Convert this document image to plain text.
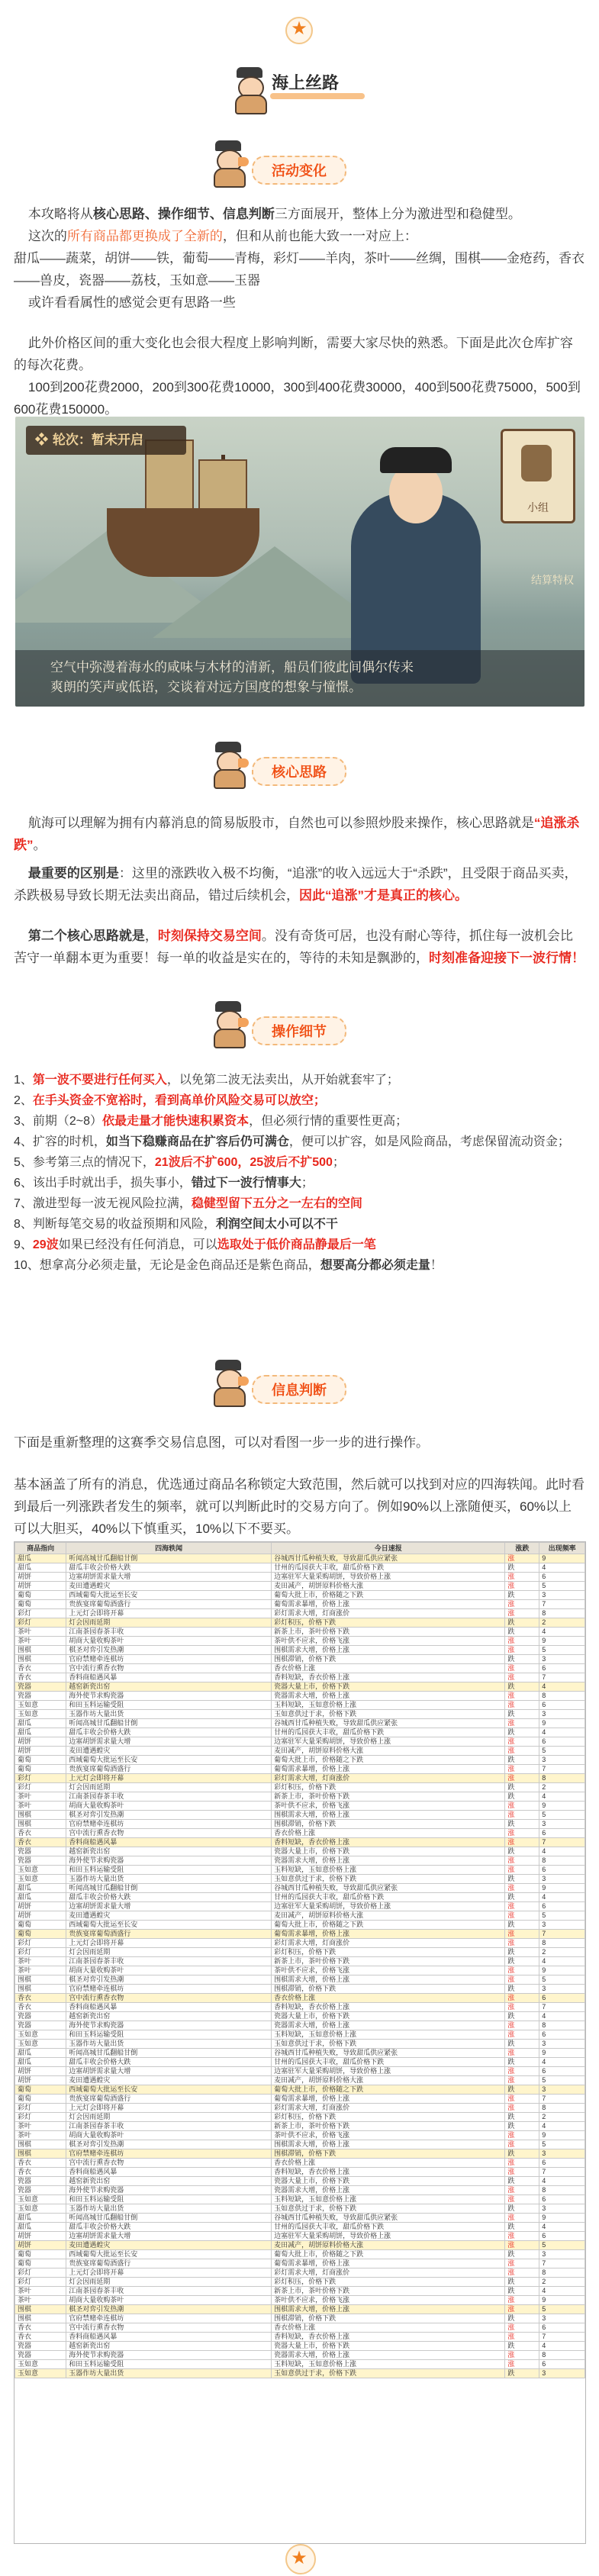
★
海上丝路
活动变化

本攻略将从核心思路、操作细节、信息判断三方面展开，整体上分为激进型和稳健型。

这次的所有商品都更换成了全新的，但和从前也能大致一一对应上：

甜瓜——蔬菜，胡饼——铁，葡萄——青梅，彩灯——羊肉，茶叶——丝绸，围棋——金疮药，香衣——兽皮，瓷器——荔枝，玉如意——玉器

或许看看属性的感觉会更有思路一些

此外价格区间的重大变化也会很大程度上影响判断，需要大家尽快的熟悉。下面是此次仓库扩容的每次花费。

100到200花费2000，200到300花费10000，300到400花费30000，400到500花费75000，500到600花费150000。

❖ 轮次：暂未开启
小组
结算特权
空气中弥漫着海水的咸味与木材的清新，船员们彼此间偶尔传来
爽朗的笑声或低语，交谈着对远方国度的想象与憧憬。
核心思路

航海可以理解为拥有内幕消息的简易版股市，自然也可以参照炒股来操作，核心思路就是“追涨杀跌”。

最重要的区别是：这里的涨跌收入极不均衡，“追涨”的收入远远大于“杀跌”，且受限于商品买卖，杀跌极易导致长期无法卖出商品，错过后续机会，因此“追涨”才是真正的核心。

第二个核心思路就是，时刻保持交易空间。没有奇货可居，也没有耐心等待，抓住每一波机会比苦守一单翻本更为重要！每一单的收益是实在的，等待的未知是飘渺的，时刻准备迎接下一波行情！

操作细节

1、第一波不要进行任何买入，以免第二波无法卖出，从开始就套牢了；

2、在手头资金不宽裕时，看到高单价风险交易可以放空；

3、前期（2~8）依最走量才能快速积累资本，但必须行情的重要性更高；

4、扩容的时机，如当下稳赚商品在扩容后仍可满仓，便可以扩容，如是风险商品，考虑保留流动资金；

5、参考第三点的情况下，21波后不扩600，25波后不扩500；

6、该出手时就出手，损失事小，错过下一波行情事大；

7、激进型每一波无视风险拉满，稳健型留下五分之一左右的空间

8、判断每笔交易的收益预期和风险，利润空间太小可以不干

9、29波如果已经没有任何消息，可以选取处于低价商品静最后一笔

10、想拿高分必须走量，无论是金色商品还是紫色商品，想要高分都必须走量！

信息判断

下面是重新整理的这赛季交易信息图，可以对看图一步一步的进行操作。

基本涵盖了所有的消息，优选通过商品名称锁定大致范围，然后就可以找到对应的四海轶闻。此时看到最后一列涨跌者发生的频率，就可以判断此时的交易方向了。例如90%以上涨随便买，60%以上可以大胆买，40%以下慎重买，10%以下不要买。

商品指向	四海轶闻	今日速报	涨跌	出现频率
甜瓜	听闻高城甘瓜翻船甘倒	谷城西甘瓜种植失败，导致甜瓜供应紧张	涨	9
甜瓜	甜瓜丰收会价格大跌	甘州的瓜园获大丰收，甜瓜价格下跌	跌	4
胡饼	边塞胡饼需求量大增	边塞驻军大量采购胡饼，导致价格上涨	涨	6
胡饼	麦田遭遇蝗灾	麦田减产，胡饼原料价格大涨	涨	5
葡萄	西域葡萄大批运至长安	葡萄大批上市，价格随之下跌	跌	3
葡萄	贵族宴席葡萄酒盛行	葡萄需求暴增，价格上涨	涨	7
彩灯	上元灯会即将开幕	彩灯需求大增，灯商涨价	涨	8
彩灯	灯会因雨延期	彩灯积压，价格下跌	跌	2
茶叶	江南茶园春茶丰收	新茶上市，茶叶价格下跌	跌	4
茶叶	胡商大量收购茶叶	茶叶供不应求，价格飞涨	涨	9
围棋	棋圣对弈引发热潮	围棋需求大增，价格上涨	涨	5
围棋	官府禁赌牵连棋坊	围棋滞销，价格下跌	跌	3
香衣	宫中流行熏香衣物	香衣价格上涨	涨	6
香衣	香料商船遇风暴	香料短缺，香衣价格上涨	涨	7
瓷器	越窑新瓷出窑	瓷器大量上市，价格下跌	跌	4
瓷器	海外使节求购瓷器	瓷器需求大增，价格上涨	涨	8
玉如意	和田玉料运输受阻	玉料短缺，玉如意价格上涨	涨	6
玉如意	玉器作坊大量出货	玉如意供过于求，价格下跌	跌	3
甜瓜	听闻高城甘瓜翻船甘倒	谷城西甘瓜种植失败，导致甜瓜供应紧张	涨	9
甜瓜	甜瓜丰收会价格大跌	甘州的瓜园获大丰收，甜瓜价格下跌	跌	4
胡饼	边塞胡饼需求量大增	边塞驻军大量采购胡饼，导致价格上涨	涨	6
胡饼	麦田遭遇蝗灾	麦田减产，胡饼原料价格大涨	涨	5
葡萄	西域葡萄大批运至长安	葡萄大批上市，价格随之下跌	跌	3
葡萄	贵族宴席葡萄酒盛行	葡萄需求暴增，价格上涨	涨	7
彩灯	上元灯会即将开幕	彩灯需求大增，灯商涨价	涨	8
彩灯	灯会因雨延期	彩灯积压，价格下跌	跌	2
茶叶	江南茶园春茶丰收	新茶上市，茶叶价格下跌	跌	4
茶叶	胡商大量收购茶叶	茶叶供不应求，价格飞涨	涨	9
围棋	棋圣对弈引发热潮	围棋需求大增，价格上涨	涨	5
围棋	官府禁赌牵连棋坊	围棋滞销，价格下跌	跌	3
香衣	宫中流行熏香衣物	香衣价格上涨	涨	6
香衣	香料商船遇风暴	香料短缺，香衣价格上涨	涨	7
瓷器	越窑新瓷出窑	瓷器大量上市，价格下跌	跌	4
瓷器	海外使节求购瓷器	瓷器需求大增，价格上涨	涨	8
玉如意	和田玉料运输受阻	玉料短缺，玉如意价格上涨	涨	6
玉如意	玉器作坊大量出货	玉如意供过于求，价格下跌	跌	3
甜瓜	听闻高城甘瓜翻船甘倒	谷城西甘瓜种植失败，导致甜瓜供应紧张	涨	9
甜瓜	甜瓜丰收会价格大跌	甘州的瓜园获大丰收，甜瓜价格下跌	跌	4
胡饼	边塞胡饼需求量大增	边塞驻军大量采购胡饼，导致价格上涨	涨	6
胡饼	麦田遭遇蝗灾	麦田减产，胡饼原料价格大涨	涨	5
葡萄	西域葡萄大批运至长安	葡萄大批上市，价格随之下跌	跌	3
葡萄	贵族宴席葡萄酒盛行	葡萄需求暴增，价格上涨	涨	7
彩灯	上元灯会即将开幕	彩灯需求大增，灯商涨价	涨	8
彩灯	灯会因雨延期	彩灯积压，价格下跌	跌	2
茶叶	江南茶园春茶丰收	新茶上市，茶叶价格下跌	跌	4
茶叶	胡商大量收购茶叶	茶叶供不应求，价格飞涨	涨	9
围棋	棋圣对弈引发热潮	围棋需求大增，价格上涨	涨	5
围棋	官府禁赌牵连棋坊	围棋滞销，价格下跌	跌	3
香衣	宫中流行熏香衣物	香衣价格上涨	涨	6
香衣	香料商船遇风暴	香料短缺，香衣价格上涨	涨	7
瓷器	越窑新瓷出窑	瓷器大量上市，价格下跌	跌	4
瓷器	海外使节求购瓷器	瓷器需求大增，价格上涨	涨	8
玉如意	和田玉料运输受阻	玉料短缺，玉如意价格上涨	涨	6
玉如意	玉器作坊大量出货	玉如意供过于求，价格下跌	跌	3
甜瓜	听闻高城甘瓜翻船甘倒	谷城西甘瓜种植失败，导致甜瓜供应紧张	涨	9
甜瓜	甜瓜丰收会价格大跌	甘州的瓜园获大丰收，甜瓜价格下跌	跌	4
胡饼	边塞胡饼需求量大增	边塞驻军大量采购胡饼，导致价格上涨	涨	6
胡饼	麦田遭遇蝗灾	麦田减产，胡饼原料价格大涨	涨	5
葡萄	西域葡萄大批运至长安	葡萄大批上市，价格随之下跌	跌	3
葡萄	贵族宴席葡萄酒盛行	葡萄需求暴增，价格上涨	涨	7
彩灯	上元灯会即将开幕	彩灯需求大增，灯商涨价	涨	8
彩灯	灯会因雨延期	彩灯积压，价格下跌	跌	2
茶叶	江南茶园春茶丰收	新茶上市，茶叶价格下跌	跌	4
茶叶	胡商大量收购茶叶	茶叶供不应求，价格飞涨	涨	9
围棋	棋圣对弈引发热潮	围棋需求大增，价格上涨	涨	5
围棋	官府禁赌牵连棋坊	围棋滞销，价格下跌	跌	3
香衣	宫中流行熏香衣物	香衣价格上涨	涨	6
香衣	香料商船遇风暴	香料短缺，香衣价格上涨	涨	7
瓷器	越窑新瓷出窑	瓷器大量上市，价格下跌	跌	4
瓷器	海外使节求购瓷器	瓷器需求大增，价格上涨	涨	8
玉如意	和田玉料运输受阻	玉料短缺，玉如意价格上涨	涨	6
玉如意	玉器作坊大量出货	玉如意供过于求，价格下跌	跌	3
甜瓜	听闻高城甘瓜翻船甘倒	谷城西甘瓜种植失败，导致甜瓜供应紧张	涨	9
甜瓜	甜瓜丰收会价格大跌	甘州的瓜园获大丰收，甜瓜价格下跌	跌	4
胡饼	边塞胡饼需求量大增	边塞驻军大量采购胡饼，导致价格上涨	涨	6
胡饼	麦田遭遇蝗灾	麦田减产，胡饼原料价格大涨	涨	5
葡萄	西域葡萄大批运至长安	葡萄大批上市，价格随之下跌	跌	3
葡萄	贵族宴席葡萄酒盛行	葡萄需求暴增，价格上涨	涨	7
彩灯	上元灯会即将开幕	彩灯需求大增，灯商涨价	涨	8
彩灯	灯会因雨延期	彩灯积压，价格下跌	跌	2
茶叶	江南茶园春茶丰收	新茶上市，茶叶价格下跌	跌	4
茶叶	胡商大量收购茶叶	茶叶供不应求，价格飞涨	涨	9
围棋	棋圣对弈引发热潮	围棋需求大增，价格上涨	涨	5
围棋	官府禁赌牵连棋坊	围棋滞销，价格下跌	跌	3
香衣	宫中流行熏香衣物	香衣价格上涨	涨	6
香衣	香料商船遇风暴	香料短缺，香衣价格上涨	涨	7
瓷器	越窑新瓷出窑	瓷器大量上市，价格下跌	跌	4
瓷器	海外使节求购瓷器	瓷器需求大增，价格上涨	涨	8
玉如意	和田玉料运输受阻	玉料短缺，玉如意价格上涨	涨	6
玉如意	玉器作坊大量出货	玉如意供过于求，价格下跌	跌	3
★
